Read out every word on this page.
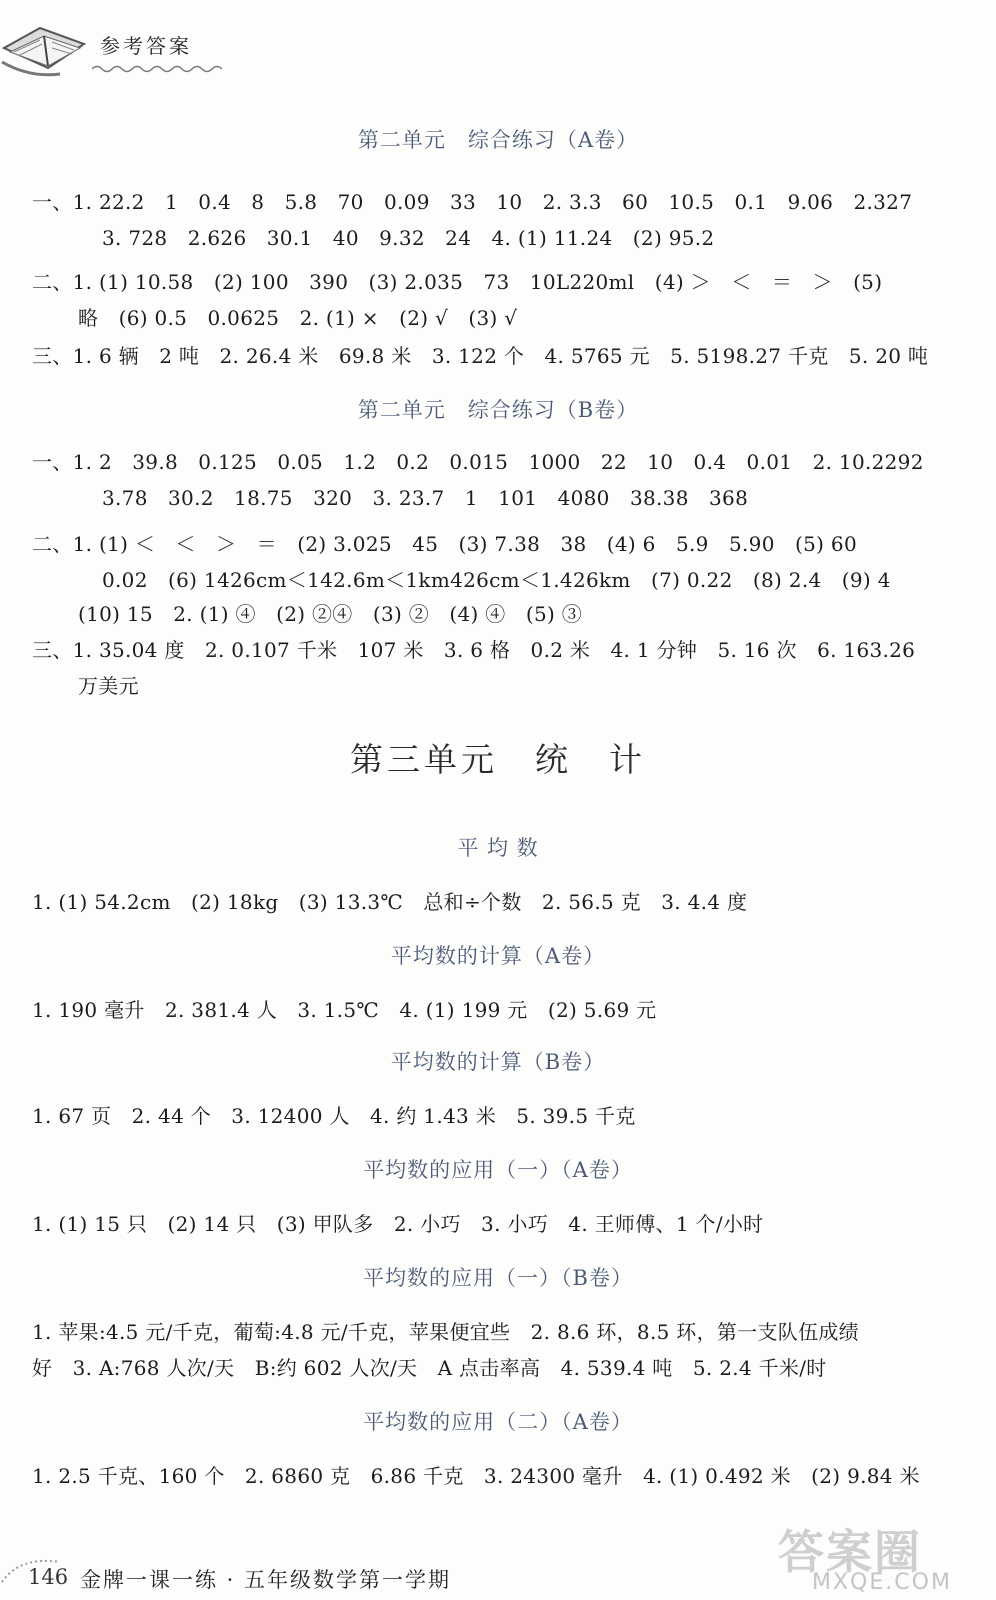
参考答案
第二单元　综合练习（A卷）
一、1. 22.2　1　0.4　8　5.8　70　0.09　33　10　2. 3.3　60　10.5　0.1　9.06　2.327
3. 728　2.626　30.1　40　9.32　24　4. (1) 11.24　(2) 95.2
二、1. (1) 10.58　(2) 100　390　(3) 2.035　73　10L220ml　(4) ＞　＜　＝　＞　(5)
略　(6) 0.5　0.0625　2. (1) ×　(2) √　(3) √
三、1. 6 辆　2 吨　2. 26.4 米　69.8 米　3. 122 个　4. 5765 元　5. 5198.27 千克　5. 20 吨
第二单元　综合练习（B卷）
一、1. 2　39.8　0.125　0.05　1.2　0.2　0.015　1000　22　10　0.4　0.01　2. 10.2292
3.78　30.2　18.75　320　3. 23.7　1　101　4080　38.38　368
二、1. (1) ＜　＜　＞　＝　(2) 3.025　45　(3) 7.38　38　(4) 6　5.9　5.90　(5) 60
0.02　(6) 1426cm＜142.6m＜1km426cm＜1.426km　(7) 0.22　(8) 2.4　(9) 4
(10) 15　2. (1) ④　(2) ②④　(3) ②　(4) ④　(5) ③
三、1. 35.04 度　2. 0.107 千米　107 米　3. 6 格　0.2 米　4. 1 分钟　5. 16 次　6. 163.26
万美元
第三单元　统　计
平 均 数
1. (1) 54.2cm　(2) 18kg　(3) 13.3℃　总和÷个数　2. 56.5 克　3. 4.4 度
平均数的计算（A卷）
1. 190 毫升　2. 381.4 人　3. 1.5℃　4. (1) 199 元　(2) 5.69 元
平均数的计算（B卷）
1. 67 页　2. 44 个　3. 12400 人　4. 约 1.43 米　5. 39.5 千克
平均数的应用（一）（A卷）
1. (1) 15 只　(2) 14 只　(3) 甲队多　2. 小巧　3. 小巧　4. 王师傅、1 个/小时
平均数的应用（一）（B卷）
1. 苹果:4.5 元/千克，葡萄:4.8 元/千克，苹果便宜些　2. 8.6 环，8.5 环，第一支队伍成绩
好　3. A:768 人次/天　B:约 602 人次/天　A 点击率高　4. 539.4 吨　5. 2.4 千米/时
平均数的应用（二）（A卷）
1. 2.5 千克、160 个　2. 6860 克　6.86 千克　3. 24300 毫升　4. (1) 0.492 米　(2) 9.84 米
答案圈
MXQE.COM
146 金牌一课一练 · 五年级数学第一学期
